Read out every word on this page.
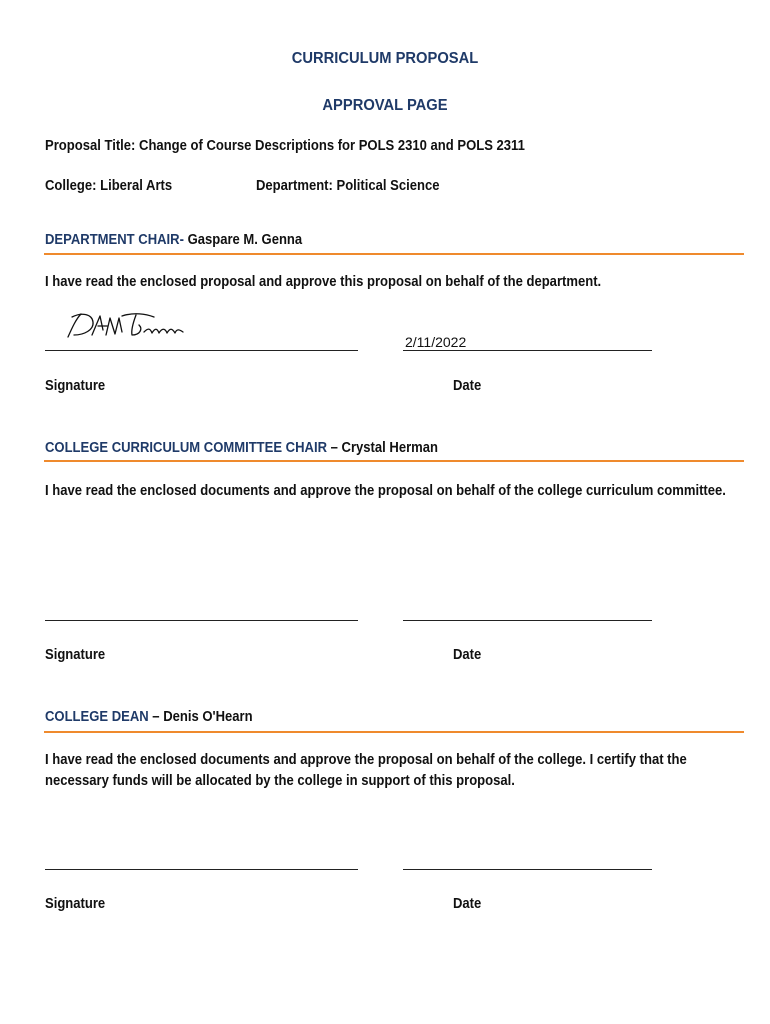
CURRICULUM PROPOSAL
APPROVAL PAGE
Proposal Title: Change of Course Descriptions for POLS 2310 and POLS 2311
College: Liberal Arts	Department: Political Science
DEPARTMENT CHAIR- Gaspare M. Genna
I have read the enclosed proposal and approve this proposal on behalf of the department.
2/11/2022
Signature	Date
COLLEGE CURRICULUM COMMITTEE CHAIR – Crystal Herman
I have read the enclosed documents and approve the proposal on behalf of the college curriculum committee.
Signature	Date
COLLEGE DEAN – Denis O'Hearn
I have read the enclosed documents and approve the proposal on behalf of the college. I certify that the necessary funds will be allocated by the college in support of this proposal.
Signature	Date
